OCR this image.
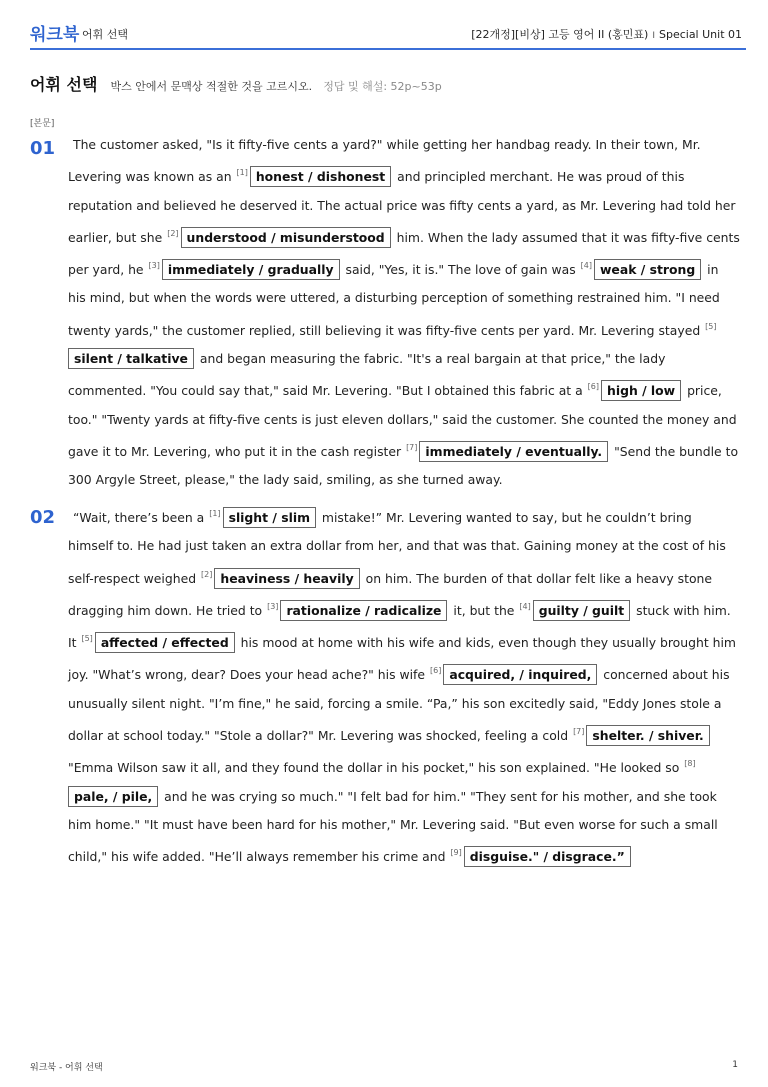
워크북 어휘 선택	[22개정][비상] 고등 영어 II (홍민표) I Special Unit 01
어휘 선택 박스 안에서 문맥상 적절한 것을 고르시오. 정답 및 해설: 52p~53p
[본문]
01	The customer asked, "Is it fifty-five cents a yard?" while getting her handbag ready. In their town, Mr. Levering was known as an [1] honest / dishonest and principled merchant. He was proud of this reputation and believed he deserved it. The actual price was fifty cents a yard, as Mr. Levering had told her earlier, but she [2] understood / misunderstood him. When the lady assumed that it was fifty-five cents per yard, he [3] immediately / gradually said, "Yes, it is." The love of gain was [4] weak / strong in his mind, but when the words were uttered, a disturbing perception of something restrained him. "I need twenty yards," the customer replied, still believing it was fifty-five cents per yard. Mr. Levering stayed [5]silent / talkative and began measuring the fabric. "It's a real bargain at that price," the lady commented. "You could say that," said Mr. Levering. "But I obtained this fabric at a [6] high / low price, too." "Twenty yards at fifty-five cents is just eleven dollars," said the customer. She counted the money and gave it to Mr. Levering, who put it in the cash register [7] immediately / eventually. "Send the bundle to 300 Argyle Street, please," the lady said, smiling, as she turned away.
02	“Wait, there’s been a [1] slight / slim mistake!” Mr. Levering wanted to say, but he couldn’t bring himself to. He had just taken an extra dollar from her, and that was that. Gaining money at the cost of his self-respect weighed [2] heaviness / heavily on him. The burden of that dollar felt like a heavy stone dragging him down. He tried to [3] rationalize / radicalize it, but the [4] guilty / guilt stuck with him. It [5] affected / effected his mood at home with his wife and kids, even though they usually brought him joy. "What’s wrong, dear? Does your head ache?" his wife [6] acquired, / inquired, concerned about his unusually silent night. "I’m fine," he said, forcing a smile. “Pa,” his son excitedly said, "Eddy Jones stole a dollar at school today." "Stole a dollar?" Mr. Levering was shocked, feeling a cold [7] shelter. / shiver. "Emma Wilson saw it all, and they found the dollar in his pocket," his son explained. "He looked so [8]pale, / pile, and he was crying so much." "I felt bad for him." "They sent for his mother, and she took him home." "It must have been hard for his mother," Mr. Levering said. "But even worse for such a small child," his wife added. "He’ll always remember his crime and [9] disguise." / disgrace.”
워크북 - 어휘 선택	1
